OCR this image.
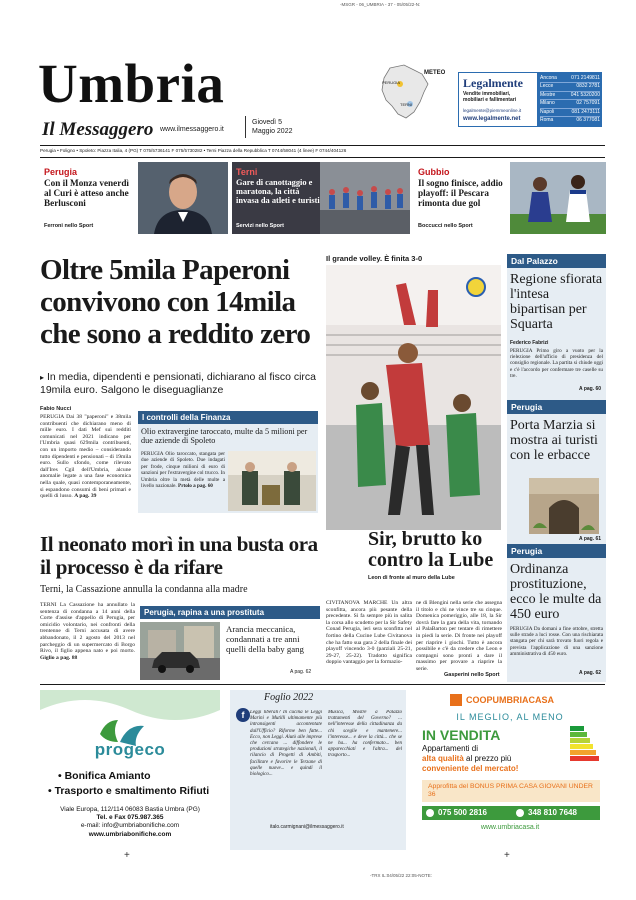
-MSGR - 06_UMBRIA - 37 - 05/05/22-N:
Umbria
Il Messaggero www.ilmessaggero.it
Giovedì 5
Maggio 2022
PERUGIA
TERNI
METEO
Legalmente
Vendite immobiliari,
mobiliari e fallimentari
legalmente@piemmeonline.it
www.legalmente.net
Ancona	071 2149811
Lecce	0832 2781
Mestre	041 5320200
Milano	02 757091
Napoli	081 2473111
Roma	06 377081
Perugia • Foligno • Spoleto: Piazza Italia, 4 (PG) T 075/5736141 F 075/5730282 • Terni Piazza della Repubblica T 0744/58041 (4 linee) F 0744/404126
Perugia
Con il Monza venerdì al Curi è atteso anche Berlusconi
Ferroni nello Sport
Terni
Gare di canottaggio e maratona, la città invasa da atleti e turisti
Servizi nello Sport
Gubbio
Il sogno finisce, addio playoff: il Pescara rimonta due gol
Boccucci nello Sport
Oltre 5mila Paperoni convivono con 14mila che sono a reddito zero
▸ In media, dipendenti e pensionati, dichiarano al fisco circa 19mila euro. Salgono le diseguaglianze
Fabio Nucci
PERUGIA Dai 38 "paperoni" e 38mila contribuenti che dichiarano meno di mille euro. I dati Mef sui redditi comunicati nel 2021 indicano per l'Umbria quasi 629mila contribuenti, con un importo medio – considerando tutto dipendenti e pensionati – di 19mila euro. Sullo sfondo, come rilevato dall'Ires Cgil dell'Umbria, alcune anomalie legate a una fase economica nella quale, quasi contemporaneamente, si espandono consumi di beni primari e quelli di lusso. A pag. 39
I controlli della Finanza
Olio extravergine taroccato, multe da 5 milioni per due aziende di Spoleto
PERUGIA Olio taroccato, stangata per due aziende di Spoleto. Due indagati per frode, cinque milioni di euro di sanzioni per l'extravergine col trucco. In Umbria oltre la metà delle multe a livello nazionale. Prtolo a pag. 60
Il grande volley. È finita 3-0
Sir, brutto ko contro la Lube
Leon di fronte al muro della Lube
CIVITANOVA MARCHE Un altra sconfitta, ancora più pesante della precedente. Si fa sempre più in salita la corsa allo scudetto per la Sir Safety Conad Perugia, ieri sera sconfitta nel fortino della Cucine Lube Civitanova che ha fatto sua gara 2 della finale dei playoff vincendo 3-0 (parziali 25-21, 29-27, 25-22). Tradotto significa doppio vantaggio per la formazio-
ne di Blengini nella serie che assegna il titolo e chi ne vince tre su cinque. Domenica pomeriggio, alle 18, la Sir dovrà fare la gara della vita, tornando al PalaBarton per tentare di rimettere in piedi la serie. Di fronte nei playoff per riaprire i giochi. Tutto è ancora possibile e c'è da credere che Leon e compagni sono pronti a dare il massimo per provare a riaprire la serie.
Gasperini nello Sport
Il neonato morì in una busta ora il processo è da rifare
Terni, la Cassazione annulla la condanna alla madre
TERNI La Cassazione ha annullato la sentenza di condanna a 14 anni della Corte d'assise d'appello di Perugia, per omicidio volontario, nei confronti della trentenne di Terni accusata di avere abbandonato, il 2 agosto del 2013 nel parcheggio di un supermercato di Borgo Rivo, il figlio appena nato e poi morto. Giglio a pag. 88
Perugia, rapina a una prostituta
Arancia meccanica, condannati a tre anni quelli della baby gang
A pag. 62
Dal Palazzo
Regione sfiorata l'intesa bipartisan per Squarta
Federico Fabrizi
PERUGIA Primo giro a vuoto per la rielezione dell'ufficio di presidenza del consiglio regionale. La partita si chiude oggi e c'è l'accordo per confermare tre caselle su tre.
A pag. 60
Perugia
Porta Marzia si mostra ai turisti con le erbacce
A pag. 61
Perugia
Ordinanza prostituzione, ecco le multe da 450 euro
PERUGIA Da domani a fine ottobre, stretta sulle strade a luci rosse. Con una rischiarata stangata per chi sarà trovato fuori regola e prevista l'applicazione di una sanzione amministrativa di 450 euro.
A pag. 62
progeco
• Bonifica Amianto
• Trasporto e smaltimento Rifiuti
Viale Europa, 112/114 06083 Bastia Umbra (PG)
Tel. e Fax 075.987.365
e-mail: info@umbriabonifiche.com
www.umbriabonifiche.com
Foglio 2022
f	Leggi liberali? In cucina le Leggi Marini e Mutilli ultimamente più intransigenti accontentate dall'Ufficio? Riforme ben fatte... Ecco, non Leggi. Aiutò alle imprese che cercano ... diffondere le produzioni strategiche nazionali, il rilancio di Progetti di Ambiti, facilitare e favorire le Terzane di quelle nuove... e quindi il biologico...
Musica, Mostre a Palazzo trattamenti del Governo? ... nell'interesse della cittadinanza da chi sceglie e mantenere... l'interesse... e deve la città... che se ne ha... ha confermato... ben apparecchiati e l'altra... del trasporto...
italo.carmignani@ilmessaggero.it
COOPUMBRIACASA
IL MEGLIO, AL MENO
IN VENDITA
Appartamenti di
alta qualità al prezzo più
conveniente del mercato!
Approfitta del BONUS PRIMA CASA GIOVANI UNDER 36
075 500 2816	348 810 7648
www.umbriacasa.it
+	+
-TRX IL:04/05/22 22:05-NOTE:
